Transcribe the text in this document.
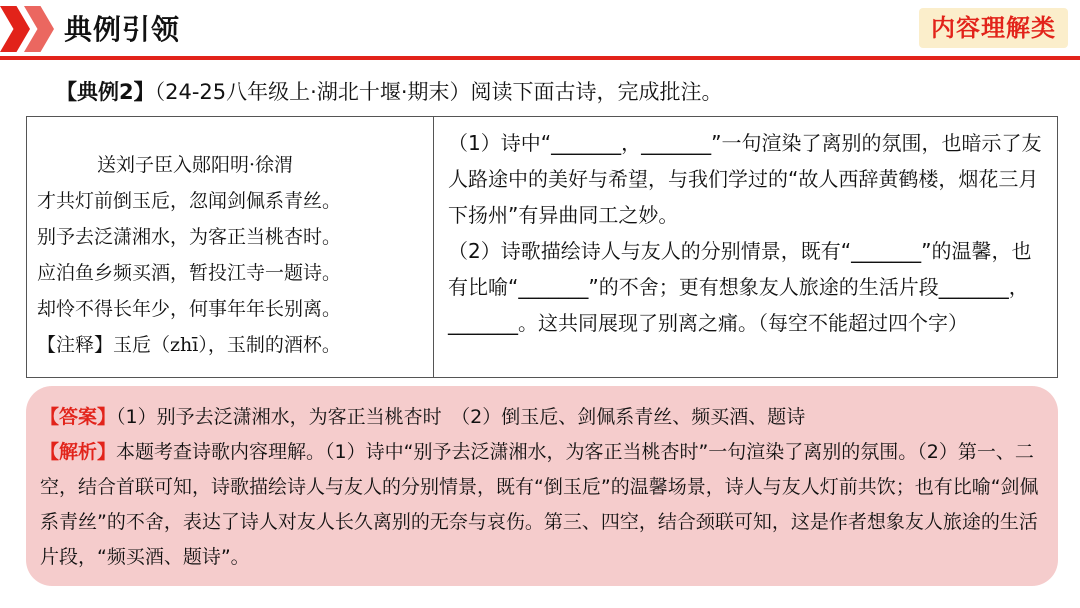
典例引领	内容理解类
【典例2】（24-25八年级上·湖北十堰·期末）阅读下面古诗，完成批注。
送刘子臣入郧阳明·徐渭
才共灯前倒玉卮，忽闻剑佩系青丝。
别予去泛潇湘水，为客正当桃杏时。
应泊鱼乡频买酒，暂投江寺一题诗。
却怜不得长年少，何事年年长别离。
【注释】玉卮（zhī），玉制的酒杯。
（1）诗中“_______，_______”一句渲染了离别的氛围，也暗示了友人路途中的美好与希望，与我们学过的“故人西辞黄鹤楼，烟花三月下扬州”有异曲同工之妙。
（2）诗歌描绘诗人与友人的分别情景，既有“_______”的温馨，也有比喻“_______”的不舍；更有想象友人旅途的生活片段_______，_______。这共同展现了别离之痛。（每空不能超过四个字）
【答案】（1）别予去泛潇湘水，为客正当桃杏时　（2）倒玉卮、剑佩系青丝、频买酒、题诗
【解析】本题考查诗歌内容理解。（1）诗中“别予去泛潇湘水，为客正当桃杏时”一句渲染了离别的氛围。（2）第一、二空，结合首联可知，诗歌描绘诗人与友人的分别情景，既有“倒玉卮”的温馨场景，诗人与友人灯前共饮；也有比喻“剑佩系青丝”的不舍，表达了诗人对友人长久离别的无奈与哀伤。第三、四空，结合颈联可知，这是作者想象友人旅途的生活片段，“频买酒、题诗”。
